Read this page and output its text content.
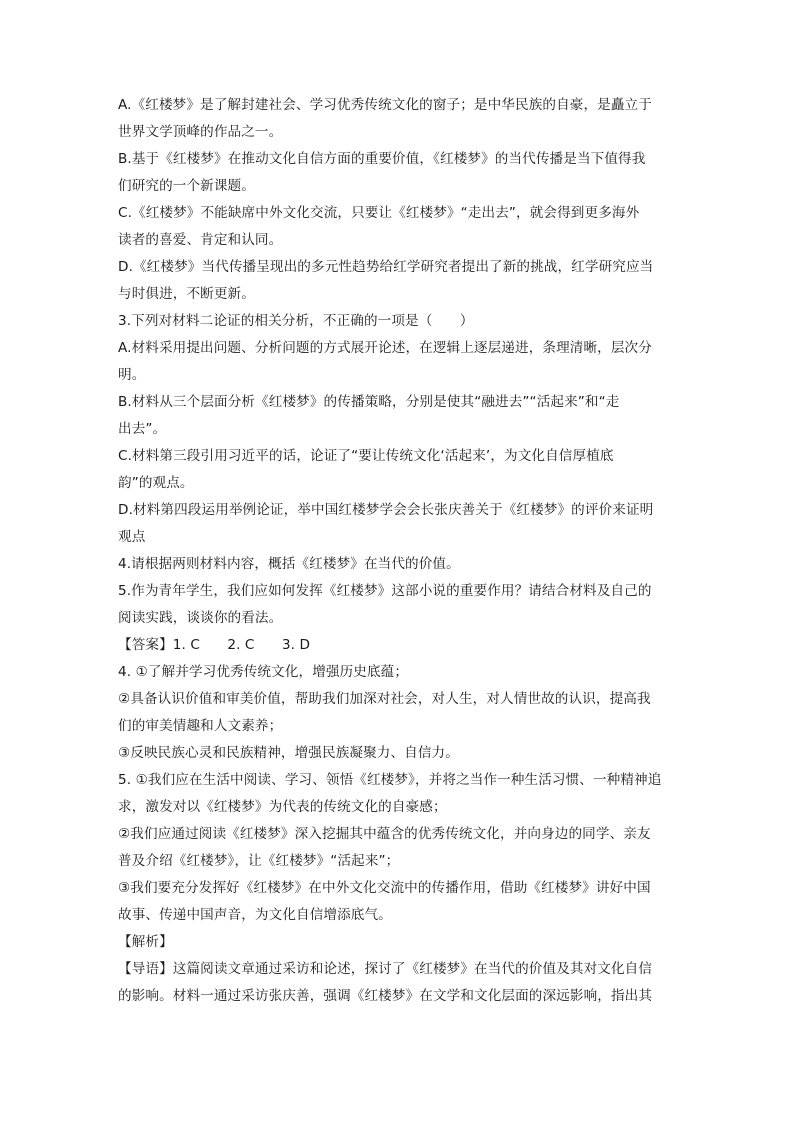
A.《红楼梦》是了解封建社会、学习优秀传统文化的窗子；是中华民族的自豪，是矗立于
世界文学顶峰的作品之一。
B.基于《红楼梦》在推动文化自信方面的重要价值，《红楼梦》的当代传播是当下值得我
们研究的一个新课题。
C.《红楼梦》不能缺席中外文化交流，只要让《红楼梦》“走出去”，就会得到更多海外
读者的喜爱、肯定和认同。
D.《红楼梦》当代传播呈现出的多元性趋势给红学研究者提出了新的挑战，红学研究应当
与时俱进，不断更新。
3.下列对材料二论证的相关分析，不正确的一项是（　　）
A.材料采用提出问题、分析问题的方式展开论述，在逻辑上逐层递进，条理清晰，层次分
明。
B.材料从三个层面分析《红楼梦》的传播策略，分别是使其“融进去”“活起来”和“走
出去”。
C.材料第三段引用习近平的话，论证了“要让传统文化‘活起来’，为文化自信厚植底
韵”的观点。
D.材料第四段运用举例论证，举中国红楼梦学会会长张庆善关于《红楼梦》的评价来证明
观点
4.请根据两则材料内容，概括《红楼梦》在当代的价值。
5.作为青年学生，我们应如何发挥《红楼梦》这部小说的重要作用？请结合材料及自己的
阅读实践，谈谈你的看法。
【答案】1. C　　2. C　　3. D
4. ①了解并学习优秀传统文化，增强历史底蕴；
②具备认识价值和审美价值，帮助我们加深对社会，对人生，对人情世故的认识，提高我
们的审美情趣和人文素养；
③反映民族心灵和民族精神，增强民族凝聚力、自信力。
5. ①我们应在生活中阅读、学习、领悟《红楼梦》，并将之当作一种生活习惯、一种精神追
求，激发对以《红楼梦》为代表的传统文化的自豪感；
②我们应通过阅读《红楼梦》深入挖掘其中蕴含的优秀传统文化，并向身边的同学、亲友
普及介绍《红楼梦》，让《红楼梦》“活起来”；
③我们要充分发挥好《红楼梦》在中外文化交流中的传播作用，借助《红楼梦》讲好中国
故事、传递中国声音，为文化自信增添底气。
【解析】
【导语】这篇阅读文章通过采访和论述，探讨了《红楼梦》在当代的价值及其对文化自信
的影响。材料一通过采访张庆善，强调《红楼梦》在文学和文化层面的深远影响，指出其
